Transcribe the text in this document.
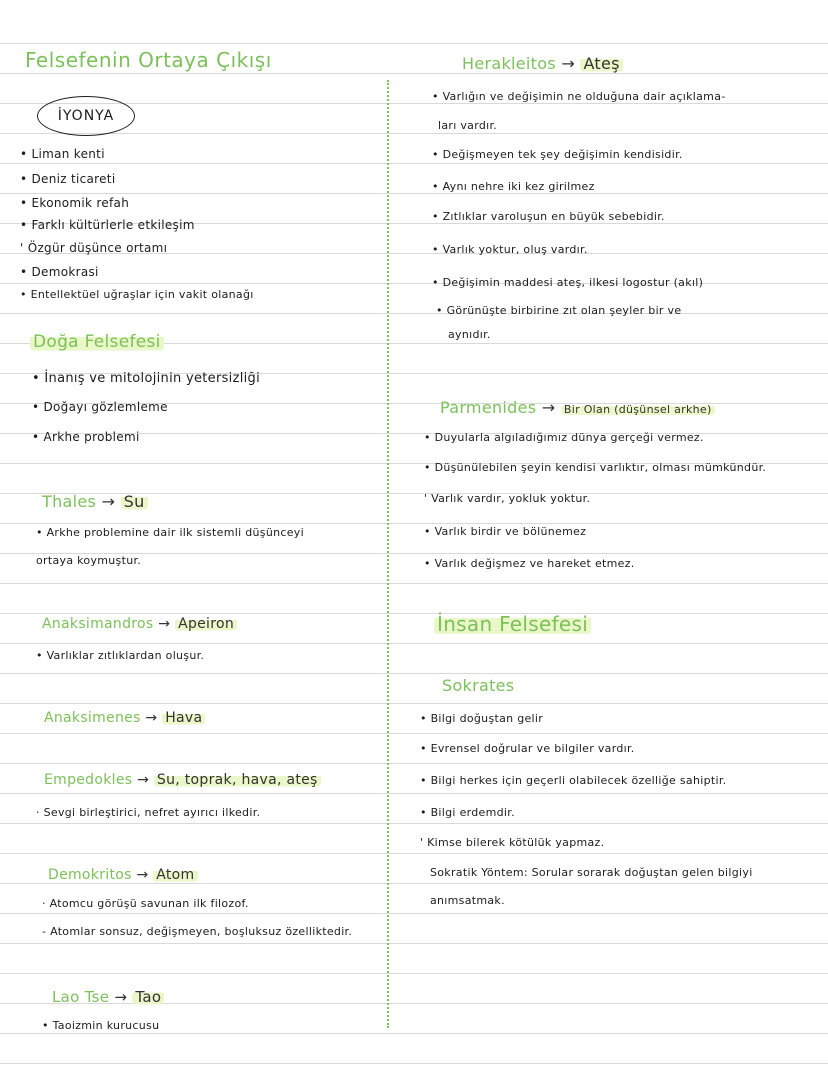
Felsefenin Ortaya Çıkışı
İYONYA
• Liman kenti
• Deniz ticareti
• Ekonomik refah
• Farklı kültürlerle etkileşim
' Özgür düşünce ortamı
• Demokrasi
• Entellektüel uğraşlar için vakit olanağı
Doğa Felsefesi
• İnanış ve mitolojinin yetersizliği
• Doğayı gözlemleme
• Arkhe problemi
Thales → Su
• Arkhe problemine dair ilk sistemli düşünceyi
ortaya koymuştur.
Anaksimandros → Apeiron
• Varlıklar zıtlıklardan oluşur.
Anaksimenes → Hava
Empedokles → Su, toprak, hava, ateş
· Sevgi birleştirici, nefret ayırıcı ilkedir.
Demokritos → Atom
· Atomcu görüşü savunan ilk filozof.
- Atomlar sonsuz, değişmeyen, boşluksuz özelliktedir.
Lao Tse → Tao
• Taoizmin kurucusu
Herakleitos → Ateş
• Varlığın ve değişimin ne olduğuna dair açıklama-
ları vardır.
• Değişmeyen tek şey değişimin kendisidir.
• Aynı nehre iki kez girilmez
• Zıtlıklar varoluşun en büyük sebebidir.
• Varlık yoktur, oluş vardır.
• Değişimin maddesi ateş, ilkesi logostur (akıl)
• Görünüşte birbirine zıt olan şeyler bir ve
aynıdır.
Parmenides → Bir Olan (düşünsel arkhe)
• Duyularla algıladığımız dünya gerçeği vermez.
• Düşünülebilen şeyin kendisi varlıktır, olması mümkündür.
' Varlık vardır, yokluk yoktur.
• Varlık birdir ve bölünemez
• Varlık değişmez ve hareket etmez.
İnsan Felsefesi
Sokrates
• Bilgi doğuştan gelir
• Evrensel doğrular ve bilgiler vardır.
• Bilgi herkes için geçerli olabilecek özelliğe sahiptir.
• Bilgi erdemdir.
' Kimse bilerek kötülük yapmaz.
Sokratik Yöntem: Sorular sorarak doğuştan gelen bilgiyi
anımsatmak.
